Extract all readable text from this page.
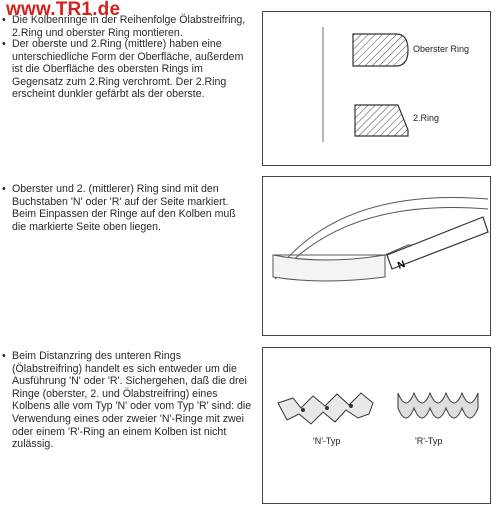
www.TR1.de
• Die Kolbenringe in der Reihenfolge Ölabstreifring, 2.Ring und oberster Ring montieren.
• Der oberste und 2.Ring (mittlere) haben eine unterschiedliche Form der Oberfläche, außerdem ist die Oberfläche des obersten Rings im Gegensatz zum 2.Ring verchromt. Der 2.Ring erscheint dunkler gefärbt als der oberste.
• Oberster und 2. (mittlerer) Ring sind mit den Buchstaben 'N' oder 'R' auf der Seite markiert. Beim Einpassen der Ringe auf den Kolben muß die markierte Seite oben liegen.
• Beim Distanzring des unteren Rings (Ölabstreifring) handelt es sich entweder um die Ausführung 'N' oder 'R'. Sichergehen, daß die drei Ringe (oberster, 2. und Ölabstreifring) eines Kolbens alle vom Typ 'N' oder vom Typ 'R' sind: die Verwendung eines oder zweier 'N'-Ringe mit zwei oder einem 'R'-Ring an einem Kolben ist nicht zulässig.
Oberster Ring
2.Ring
N
'N'-Typ	'R'-Typ
